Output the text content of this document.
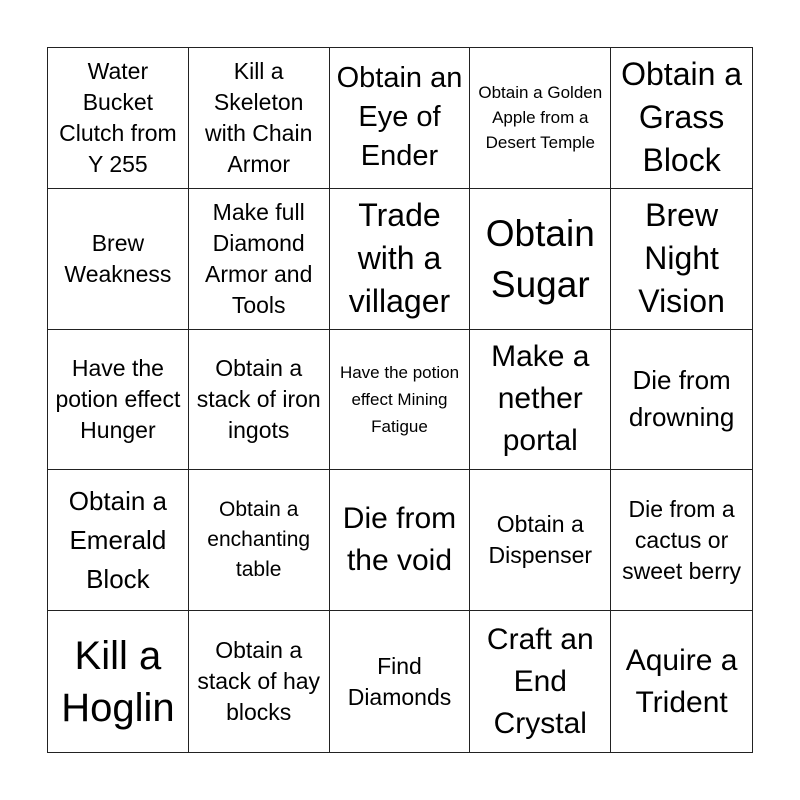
Water Bucket Clutch from Y 255
Kill a Skeleton with Chain Armor
Obtain an Eye of Ender
Obtain a Golden Apple from a Desert Temple
Obtain a Grass Block
Brew Weakness
Make full Diamond Armor and Tools
Trade with a villager
Obtain Sugar
Brew Night Vision
Have the potion effect Hunger
Obtain a stack of iron ingots
Have the potion effect Mining Fatigue
Make a nether portal
Die from drowning
Obtain a Emerald Block
Obtain a enchanting table
Die from the void
Obtain a Dispenser
Die from a cactus or sweet berry
Kill a Hoglin
Obtain a stack of hay blocks
Find Diamonds
Craft an End Crystal
Aquire a Trident
